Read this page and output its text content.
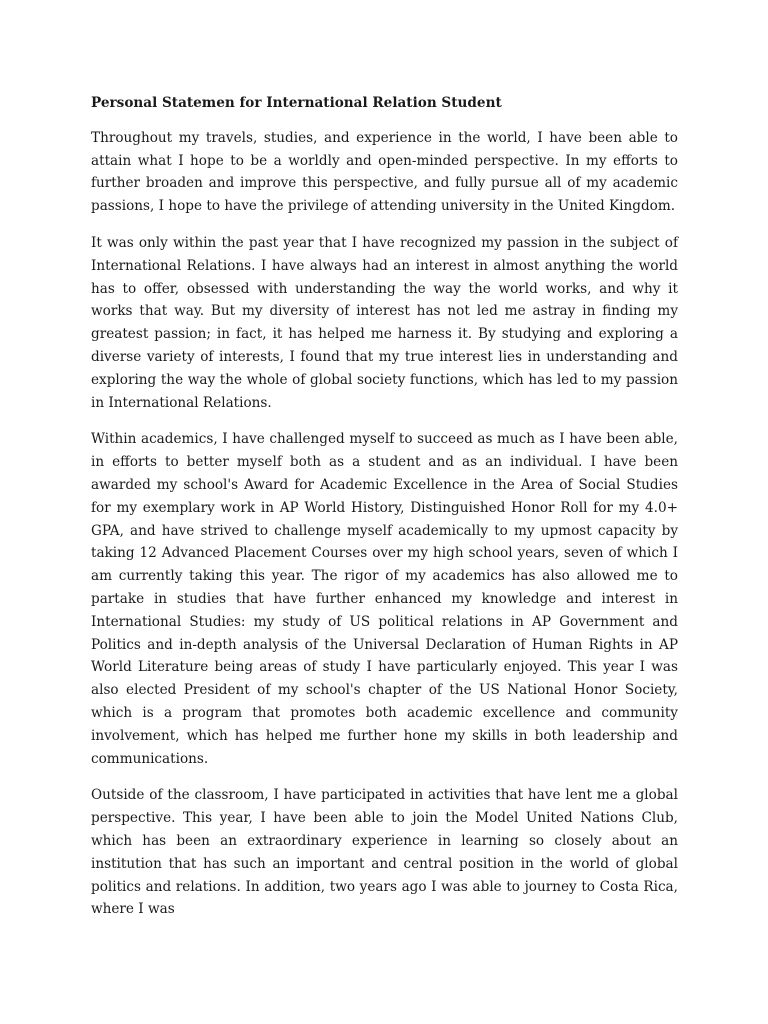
Personal Statemen for International Relation Student

Throughout my travels, studies, and experience in the world, I have been able to attain what I hope to be a worldly and open-minded perspective. In my efforts to further broaden and improve this perspective, and fully pursue all of my academic passions, I hope to have the privilege of attending university in the United Kingdom.

It was only within the past year that I have recognized my passion in the subject of International Relations. I have always had an interest in almost anything the world has to offer, obsessed with understanding the way the world works, and why it works that way. But my diversity of interest has not led me astray in finding my greatest passion; in fact, it has helped me harness it. By studying and exploring a diverse variety of interests, I found that my true interest lies in understanding and exploring the way the whole of global society functions, which has led to my passion in International Relations.

Within academics, I have challenged myself to succeed as much as I have been able, in efforts to better myself both as a student and as an individual. I have been awarded my school's Award for Academic Excellence in the Area of Social Studies for my exemplary work in AP World History, Distinguished Honor Roll for my 4.0+ GPA, and have strived to challenge myself academically to my upmost capacity by taking 12 Advanced Placement Courses over my high school years, seven of which I am currently taking this year. The rigor of my academics has also allowed me to partake in studies that have further enhanced my knowledge and interest in International Studies: my study of US political relations in AP Government and Politics and in-depth analysis of the Universal Declaration of Human Rights in AP World Literature being areas of study I have particularly enjoyed. This year I was also elected President of my school's chapter of the US National Honor Society, which is a program that promotes both academic excellence and community involvement, which has helped me further hone my skills in both leadership and communications.

Outside of the classroom, I have participated in activities that have lent me a global perspective. This year, I have been able to join the Model United Nations Club, which has been an extraordinary experience in learning so closely about an institution that has such an important and central position in the world of global politics and relations. In addition, two years ago I was able to journey to Costa Rica, where I was
